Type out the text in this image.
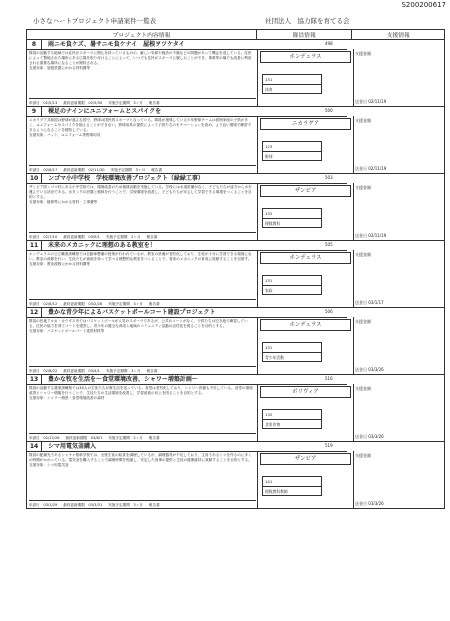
S200200617
小さなハートプロジェクト申請案件一覧表	社団法人　協力隊を育てる会
プロジェクト内容情報	隊員情報	支援情報
8	雨ニモ負ケズ、暑サニモ負ケナイ　屋根ヲツケタイ	498

隊員の活動する地域では住民がスポーツに関心を持っているものの、厳しい気候や施設の不備などの問題があって機会を逃している。住民によって整地された場所にある広場を取り付けることによって、いつでも住民がスポーツに親しむことができ、事業等の場でも改善に利用される重要な場所になることが期待される。

支援対象：屋根設置にかかる材料費等

申請日　02/5/13 最終更新期限　02/5/30 実施予定期間　3ヶ月 報告書
ホンデュラス
131
体育
支援金額
送金日 02/11/19
9	裸足のナインにユニフォームとスパイクを	500

ニカラグア共和国は野球が盛んな国で、野球は国民的スポーツとなっている。隊員が指導している少年野球チームは貧困家庭の子供が多く、ユニフォームやスパイクを揃えることができない。野球用具の提供によって子供たちのモチベーションを高め、より良い環境で練習できるようになることを期待している。

支援対象：バット、ユニフォーム等野球用具

申請日　02/6/17 最終更新期限　02/11/30 実施予定期間　3ヶ月 報告書
ニカラグア
123
野球
支援金額
送金日 02/11/19
10	ンゴマ小中学校　学校環境改善プロジェクト（緑緑工事）	503

ザンビア国ンゴマ村にある小中学校では、環境改善のため植林活動を実施している。学校には水道設備がなく、子どもたちが遠方から水を運んでいる状況である。水タンクの設置と植林を行うことで、学校環境を改善し、子どもたちが安心して学習できる環境をつくることを目的とする。

支援対象：植林等にかかる材料・工事費等

申請日　02/7/10 最終更新期限　03/9/1 実施予定期間　2ヶ月 報告書
ザンビア
132
理数教科
支援金額
送金日 02/11/19
11	未来のメカニックに理想のある教室を！	505

ホンデュラスの公立職業訓練校では自動車整備の授業が行われているが、教室の設備が老朽化しており、生徒が十分に学習できる環境にない。教室の改修を行い、生徒たちが意欲を持って学べる理想的な教室をつくることで、将来のメカニックの育成に貢献することを目指す。

支援対象：教室改修にかかる材料費等

申請日　02/8/12 最終更新期限　03/2/28 実施予定期間　3ヶ月 報告書
ホンデュラス
131
家政
支援金額
送金日 03/1/17
12	豊かな青少年によるバスケットボールコート建設プロジェクト	506

隊員の任地アルカ・カウダス市ではバスケットボールが人気のスポーツであるが、公共のコートがなく、子供たちは空き地で練習している。住民の協力を得てコートを建設し、青少年の健全な育成と地域のコミュニティ活動の活性化を図ることを目的とする。

支援対象：バスケットボールコート建設材料等

申請日　02/8/22 最終更新期限　03/4/1 実施予定期間　3ヶ月 報告書
ホンデュラス
131
青少年活動
支援金額
送金日 03/3/26
13	豊かな牧を生活を～食堂環境改善、シャワー増築計画～	516

隊員の活動する農業訓練校では30人の生徒たちが寮生活を送っている。食堂は老朽化しており、シャワー設備も不足している。食堂の環境改善とシャワー増築を行うことで、生徒たちの生活環境を改善し、学習意欲の向上を図ることを目的とする。

支援対象：シャワー増設・食堂環境改善の資材

申請日　02/12/26 最終更新期限　03/8/1 実施予定期間　2ヶ月 報告書
ボリヴィア
132
食用作物
支援金額
送金日 03/3/26
14	シマ用電気釜購入	519

隊員の配属先であるシャチャ基幹学校では、全校生徒の給食を調理しているが、調理器具が不足しており、主食であるシマを作るのに多くの時間がかかっている。電気釜を購入することで調理時間を短縮し、安定した食事の提供と生徒の健康維持に貢献することを目的とする。

支援対象：シマ用電気釜

申請日　03/1/29 最終更新期限　03/3/31 実施予定期間　3ヶ月 報告書
ザンビア
141
理数教科教師
支援金額
送金日 03/3/26
